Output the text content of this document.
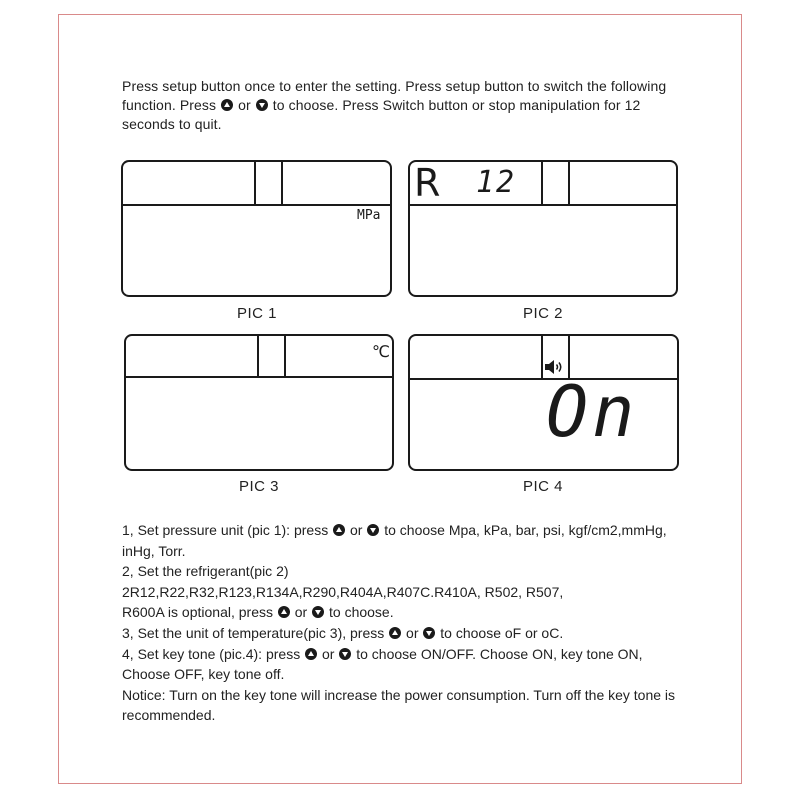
Press setup button once to enter the setting. Press setup button to switch the following function. Press or to choose. Press Switch button or stop manipulation for 12 seconds to quit.
MPa
PIC 1
R 12
PIC 2
℃
PIC 3
On
PIC 4

1, Set pressure unit (pic 1): press or to choose Mpa, kPa, bar, psi, kgf/cm2,mmHg, inHg, Torr.

2, Set the refrigerant(pic 2)

2R12,R22,R32,R123,R134A,R290,R404A,R407C.R410A, R502, R507,

R600A is optional, press or to choose.

3, Set the unit of temperature(pic 3), press or to choose oF or oC.

4, Set key tone (pic.4): press or to choose ON/OFF. Choose ON, key tone ON, Choose OFF, key tone off.

Notice: Turn on the key tone will increase the power consumption. Turn off the key tone is recommended.
